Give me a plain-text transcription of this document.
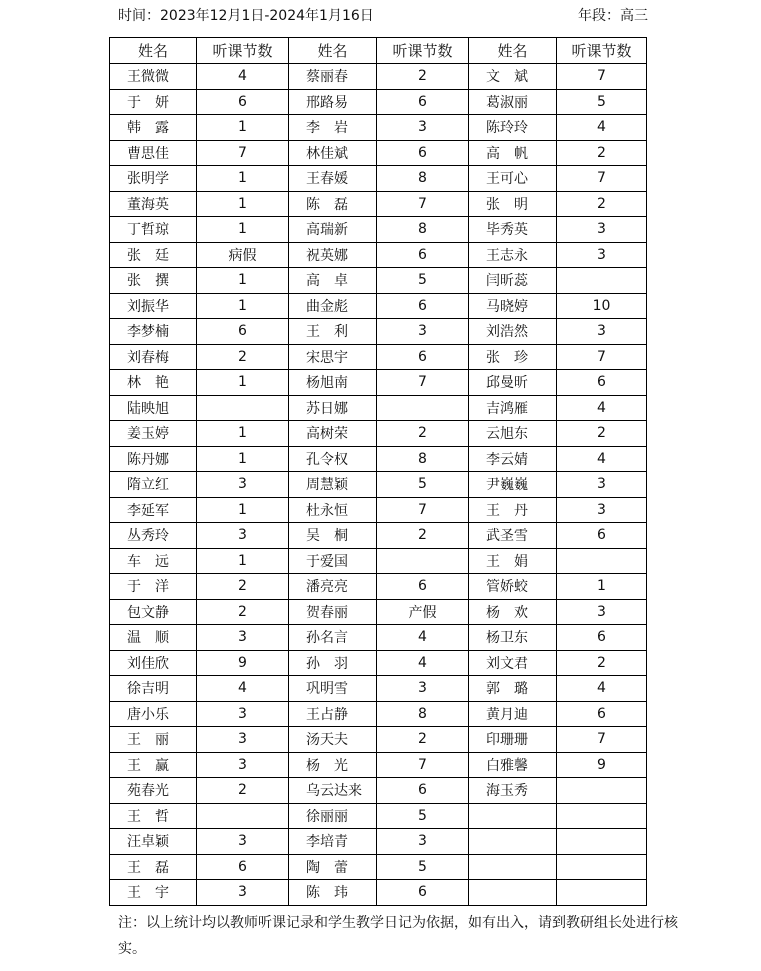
时间：2023年12月1日-2024年1月16日	年段：高三
姓名	听课节数	姓名	听课节数	姓名	听课节数
王微微	4	蔡丽春	2	文　斌	7
于　妍	6	邢路易	6	葛淑丽	5
韩　露	1	李　岩	3	陈玲玲	4
曹思佳	7	林佳斌	6	高　帆	2
张明学	1	王春媛	8	王可心	7
董海英	1	陈　磊	7	张　明	2
丁哲琼	1	高瑞新	8	毕秀英	3
张　廷	病假	祝英娜	6	王志永	3
张　撰	1	高　卓	5	闫昕蕊	
刘振华	1	曲金彪	6	马晓婷	10
李梦楠	6	王　利	3	刘浩然	3
刘春梅	2	宋思宇	6	张　珍	7
林　艳	1	杨旭南	7	邱曼昕	6
陆映旭		苏日娜		吉鸿雁	4
姜玉婷	1	高树荣	2	云旭东	2
陈丹娜	1	孔令权	8	李云婧	4
隋立红	3	周慧颖	5	尹巍巍	3
李延军	1	杜永恒	7	王　丹	3
丛秀玲	3	吴　桐	2	武圣雪	6
车　远	1	于爱国		王　娟	
于　洋	2	潘亮亮	6	管娇蛟	1
包文静	2	贺春丽	产假	杨　欢	3
温　顺	3	孙名言	4	杨卫东	6
刘佳欣	9	孙　羽	4	刘文君	2
徐吉明	4	巩明雪	3	郭　璐	4
唐小乐	3	王占静	8	黄月迪	6
王　丽	3	汤天夫	2	印珊珊	7
王　赢	3	杨　光	7	白雅馨	9
苑春光	2	乌云达来	6	海玉秀	
王　哲		徐丽丽	5		
汪卓颖	3	李培青	3		
王　磊	6	陶　蕾	5		
王　宇	3	陈　玮	6		
注：以上统计均以教师听课记录和学生教学日记为依据，如有出入，请到教研组长处进行核实。
